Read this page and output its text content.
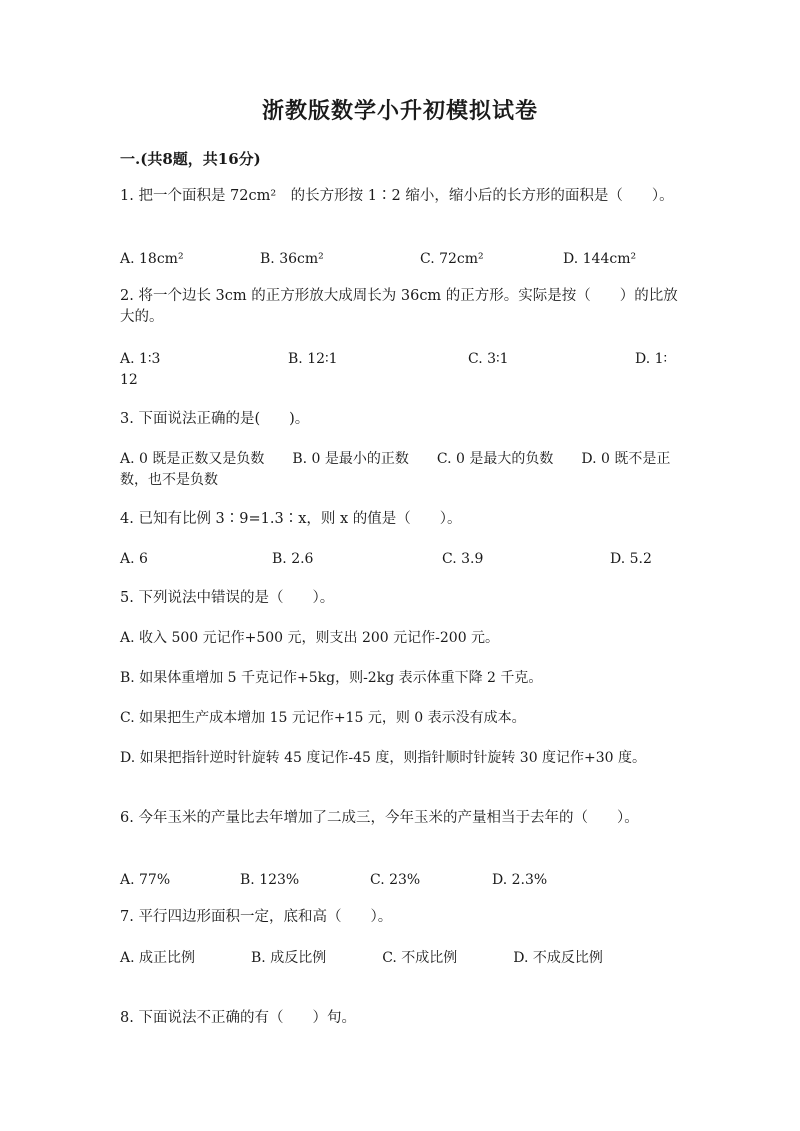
浙教版数学小升初模拟试卷
一.(共8题，共16分)

1. 把一个面积是 72cm²　的长方形按 1∶2 缩小，缩小后的长方形的面积是（　　）。

A. 18cm²	B. 36cm²	C. 72cm²	D. 144cm²

2. 将一个边长 3cm 的正方形放大成周长为 36cm 的正方形。实际是按（　　）的比放大的。

A. 1∶3	B. 12∶1	C. 3∶1	D. 1∶
12

3. 下面说法正确的是(　　)。

A. 0 既是正数又是负数　　B. 0 是最小的正数　　C. 0 是最大的负数　　D. 0 既不是正数，也不是负数

4. 已知有比例 3∶9=1.3∶x，则 x 的值是（　　）。

A. 6	B. 2.6	C. 3.9	D. 5.2

5. 下列说法中错误的是（　　）。

A. 收入 500 元记作+500 元，则支出 200 元记作-200 元。

B. 如果体重增加 5 千克记作+5kg，则-2kg 表示体重下降 2 千克。

C. 如果把生产成本增加 15 元记作+15 元，则 0 表示没有成本。

D. 如果把指针逆时针旋转 45 度记作-45 度，则指针顺时针旋转 30 度记作+30 度。

6. 今年玉米的产量比去年增加了二成三，今年玉米的产量相当于去年的（　　）。

A. 77%	B. 123%	C. 23%	D. 2.3%

7. 平行四边形面积一定，底和高（　　）。

A. 成正比例　　　　B. 成反比例　　　　C. 不成比例　　　　D. 不成反比例

8. 下面说法不正确的有（　　）句。
